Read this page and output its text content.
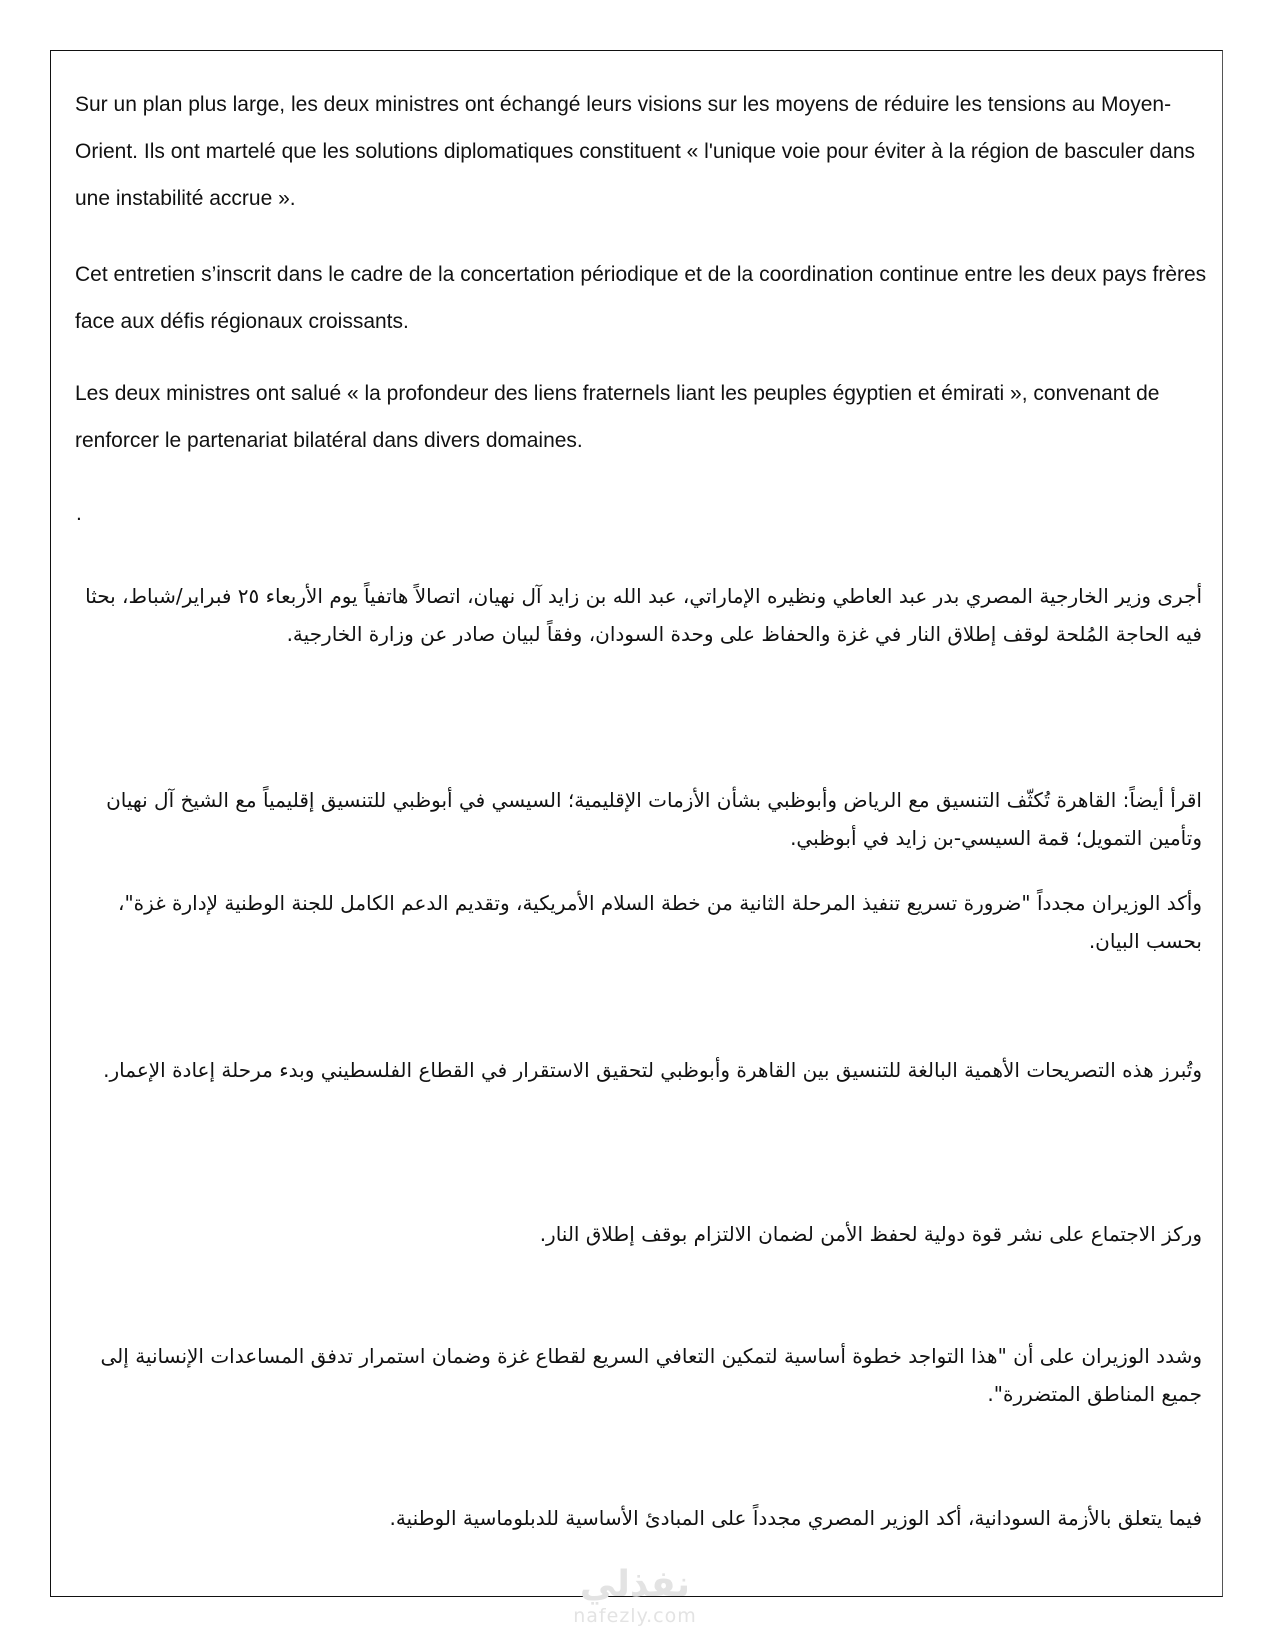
Sur un plan plus large, les deux ministres ont échangé leurs visions sur les moyens de réduire les tensions au Moyen-Orient. Ils ont martelé que les solutions diplomatiques constituent « l'unique voie pour éviter à la région de basculer dans une instabilité accrue ».

Cet entretien s’inscrit dans le cadre de la concertation périodique et de la coordination continue entre les deux pays frères face aux défis régionaux croissants.

Les deux ministres ont salué « la profondeur des liens fraternels liant les peuples égyptien et émirati », convenant de renforcer le partenariat bilatéral dans divers domaines.

.

أجرى وزير الخارجية المصري بدر عبد العاطي ونظيره الإماراتي، عبد الله بن زايد آل نهيان، اتصالاً هاتفياً يوم الأربعاء ٢٥ فبراير/شباط، بحثا فيه الحاجة المُلحة لوقف إطلاق النار في غزة والحفاظ على وحدة السودان، وفقاً لبيان صادر عن وزارة الخارجية.

اقرأ أيضاً: القاهرة تُكثّف التنسيق مع الرياض وأبوظبي بشأن الأزمات الإقليمية؛ السيسي في أبوظبي للتنسيق إقليمياً مع الشيخ آل نهيان وتأمين التمويل؛ قمة السيسي-بن زايد في أبوظبي.

وأكد الوزيران مجدداً "ضرورة تسريع تنفيذ المرحلة الثانية من خطة السلام الأمريكية، وتقديم الدعم الكامل للجنة الوطنية لإدارة غزة"، بحسب البيان.

وتُبرز هذه التصريحات الأهمية البالغة للتنسيق بين القاهرة وأبوظبي لتحقيق الاستقرار في القطاع الفلسطيني وبدء مرحلة إعادة الإعمار.

وركز الاجتماع على نشر قوة دولية لحفظ الأمن لضمان الالتزام بوقف إطلاق النار.

وشدد الوزيران على أن "هذا التواجد خطوة أساسية لتمكين التعافي السريع لقطاع غزة وضمان استمرار تدفق المساعدات الإنسانية إلى جميع المناطق المتضررة".

فيما يتعلق بالأزمة السودانية، أكد الوزير المصري مجدداً على المبادئ الأساسية للدبلوماسية الوطنية.

نفذلي
nafezly.com
